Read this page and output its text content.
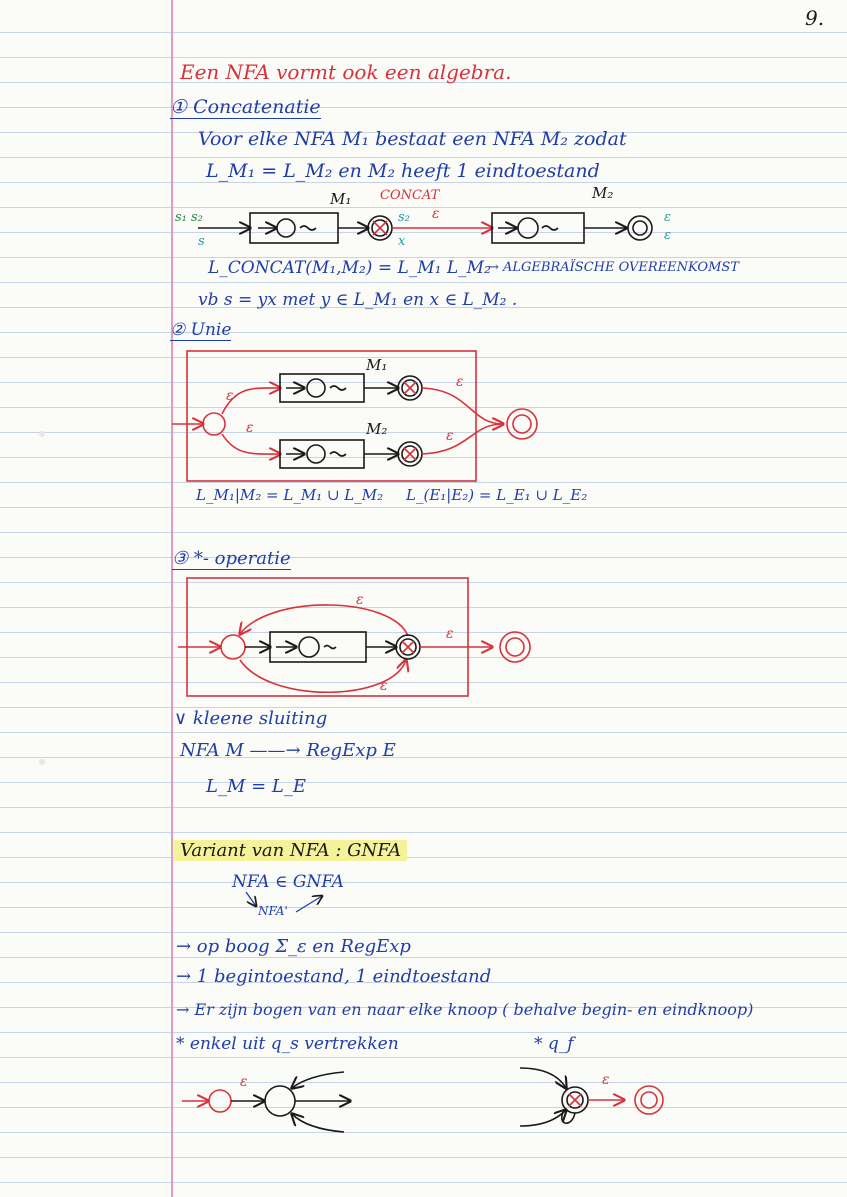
9.
Een NFA vormt ook een algebra.
① Concatenatie
Voor elke NFA M₁ bestaat een NFA M₂ zodat
L_M₁ = L_M₂ en M₂ heeft 1 eindtoestand
M₁ CONCAT	M₂
s₁ s₂	s₂ ε
s	x
ε
ε
L_CONCAT(M₁,M₂) = L_M₁ L_M₂
→ ALGEBRAÏSCHE OVEREENKOMST
vb s = yx met y ∈ L_M₁ en x ∈ L_M₂ .
② Unie
M₁
M₂
ε
ε
ε
ε
L_M₁|M₂ = L_M₁ ∪ L_M₂ L_(E₁|E₂) = L_E₁ ∪ L_E₂
③ *- operatie
ε
ε
ε
∨ kleene sluiting
NFA M ——→ RegExp E
L_M = L_E
Variant van NFA : GNFA
NFA ∈ GNFA
NFA'
→ op boog Σ_ε en RegExp
→ 1 begintoestand, 1 eindtoestand
→ Er zijn bogen van en naar elke knoop ( behalve begin- en eindknoop)
* enkel uit q_s vertrekken	* q_f
ε	ε
